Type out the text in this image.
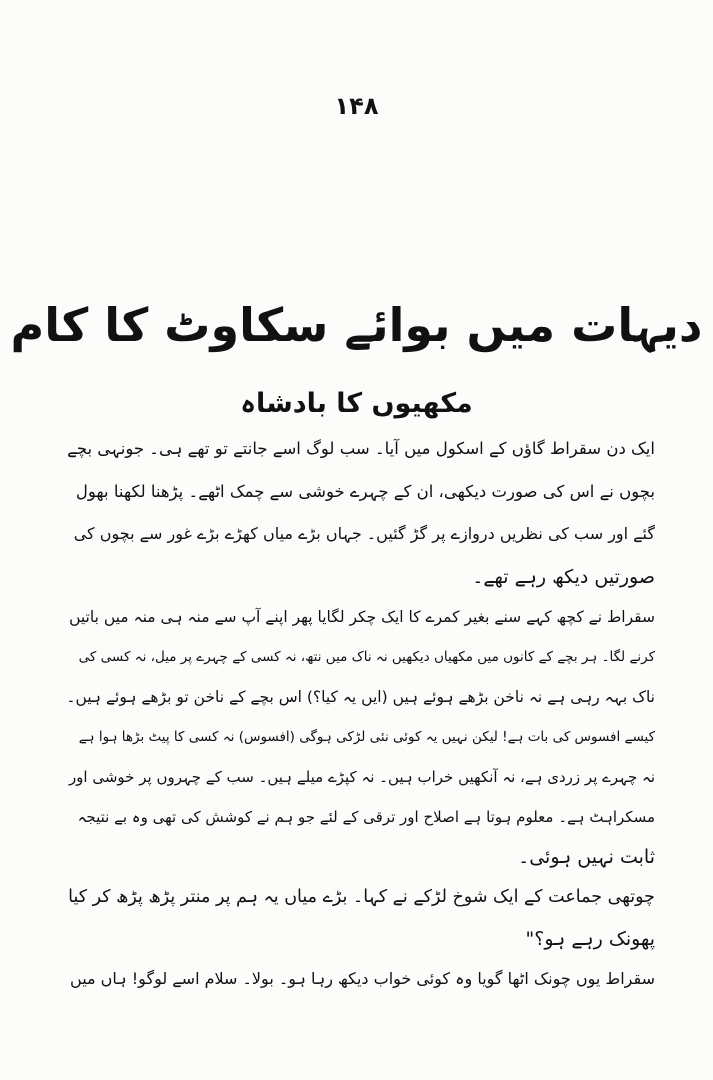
۱۴۸
دیہات میں بوائے سکاوٹ کا کام
مکھیوں کا بادشاہ
ایک دن سقراط گاؤں کے اسکول میں آیا۔ سب لوگ اسے جانتے تو تھے ہی۔ جونہی بچے
بچوں نے اس کی صورت دیکھی، ان کے چہرے خوشی سے چمک اٹھے۔ پڑھنا لکھنا بھول
گئے اور سب کی نظریں دروازے پر گڑ گئیں۔ جہاں بڑے میاں کھڑے بڑے غور سے بچوں کی
صورتیں دیکھ رہے تھے۔
سقراط نے کچھ کہے سنے بغیر کمرے کا ایک چکر لگایا پھر اپنے آپ سے منہ ہی منہ میں باتیں
کرنے لگا۔ ہر بچے کے کانوں میں مکھیاں دیکھیں نہ ناک میں نتھ، نہ کسی کے چہرے پر میل، نہ کسی کی
ناک بہہ رہی ہے نہ ناخن بڑھے ہوئے ہیں (ایں یہ کیا؟) اس بچے کے ناخن تو بڑھے ہوئے ہیں۔
کیسے افسوس کی بات ہے! لیکن نہیں یہ کوئی نئی لڑکی ہوگی (افسوس) نہ کسی کا پیٹ بڑھا ہوا ہے
نہ چہرے پر زردی ہے، نہ آنکھیں خراب ہیں۔ نہ کپڑے میلے ہیں۔ سب کے چہروں پر خوشی اور
مسکراہٹ ہے۔ معلوم ہوتا ہے اصلاح اور ترقی کے لئے جو ہم نے کوشش کی تھی وہ بے نتیجہ
ثابت نہیں ہوئی۔
چوتھی جماعت کے ایک شوخ لڑکے نے کہا۔ بڑے میاں یہ ہم پر منتر پڑھ پڑھ کر کیا
پھونک رہے ہو؟"
سقراط یوں چونک اٹھا گویا وہ کوئی خواب دیکھ رہا ہو۔ بولا۔ سلام اسے لوگو! ہاں میں
